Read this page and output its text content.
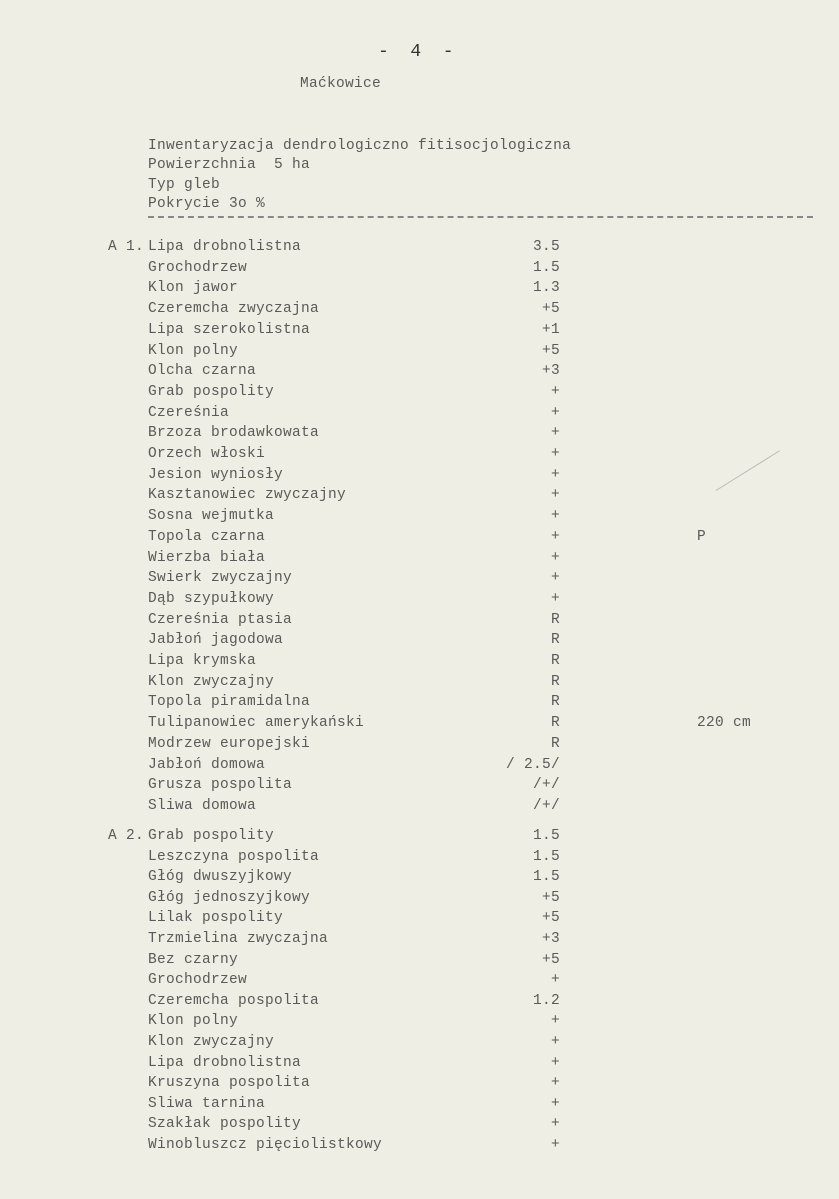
-  4  -
Maćkowice
Inwentaryzacja dendrologiczno fitisocjologiczna
Powierzchnia  5 ha
Typ gleb
Pokrycie 3o %
A 1. Lipa drobnolistna	3.5
Grochodrzew	1.5
Klon jawor	1.3
Czeremcha zwyczajna	+5
Lipa szerokolistna	+1
Klon polny	+5
Olcha czarna	+3
Grab pospolity	+
Czereśnia	+
Brzoza brodawkowata	+
Orzech włoski	+
Jesion wyniosły	+
Kasztanowiec zwyczajny	+
Sosna wejmutka	+
Topola czarna	+	P
Wierzba biała	+
Swierk zwyczajny	+
Dąb szypułkowy	+
Czereśnia ptasia	R
Jabłoń jagodowa	R
Lipa krymska	R
Klon zwyczajny	R
Topola piramidalna	R
Tulipanowiec amerykański	R	220 cm
Modrzew europejski	R
Jabłoń domowa	/ 2.5/
Grusza pospolita	/+/
Sliwa domowa	/+/
A 2. Grab pospolity	1.5
Leszczyna pospolita	1.5
Głóg dwuszyjkowy	1.5
Głóg jednoszyjkowy	+5
Lilak pospolity	+5
Trzmielina zwyczajna	+3
Bez czarny	+5
Grochodrzew	+
Czeremcha pospolita	1.2
Klon polny	+
Klon zwyczajny	+
Lipa drobnolistna	+
Kruszyna pospolita	+
Sliwa tarnina	+
Szakłak pospolity	+
Winobluszcz pięciolistkowy	+
